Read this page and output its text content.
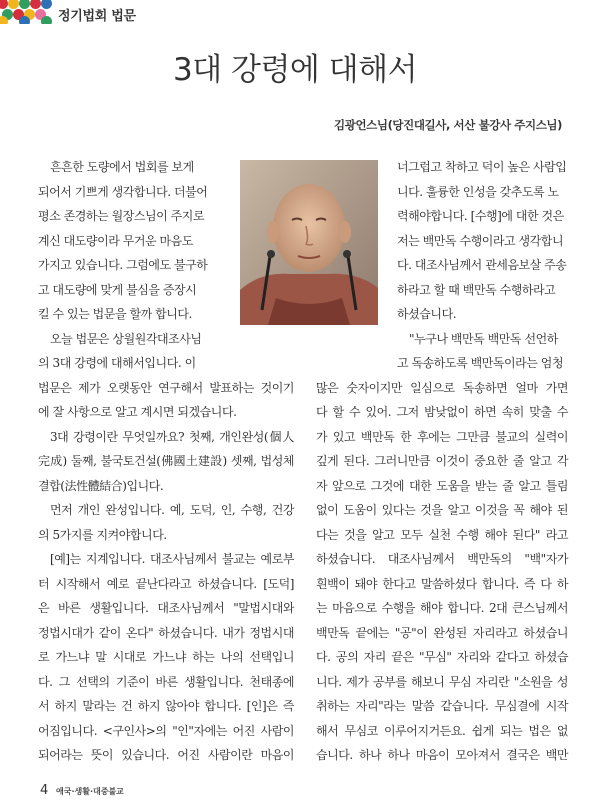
정기법회 법문
3대 강령에 대해서
김광언스님(당진대길사, 서산 불강사 주지스님)
흔흔한 도량에서 법회를 보게
되어서 기쁘게 생각합니다. 더불어
평소 존경하는 월장스님이 주지로
계신 대도량이라 무거운 마음도
가지고 있습니다. 그럼에도 불구하
고 대도량에 맞게 불심을 증장시
킬 수 있는 법문을 할까 합니다.
오늘 법문은 상월원각대조사님
의 3대 강령에 대해서입니다. 이
법문은 제가 오랫동안 연구해서 발표하는 것이기
에 잘 사항으로 알고 계시면 되겠습니다.
3대 강령이란 무엇일까요? 첫째, 개인완성(個人
完成) 둘째, 불국토건설(佛國土建設) 셋째, 법성체
결합(法性體結合)입니다.
먼저 개인 완성입니다. 예, 도덕, 인, 수행, 건강
의 5가지를 지켜야합니다.
[예]는 지계입니다. 대조사님께서 불교는 예로부
터 시작해서 예로 끝난다라고 하셨습니다. [도덕]
은 바른 생활입니다. 대조사님께서 "말법시대와
정법시대가 같이 온다" 하셨습니다. 내가 정법시대
로 가느냐 말 시대로 가느냐 하는 나의 선택입니
다. 그 선택의 기준이 바른 생활입니다. 천태종에
서 하지 말라는 건 하지 않아야 합니다. [인]은 즉
어짐입니다. <구인사>의 "인"자에는 어진 사람이
되어라는 뜻이 있습니다. 어진 사람이란 마음이
너그럽고 착하고 덕이 높은 사람입
니다. 훌륭한 인성을 갖추도록 노
력해야합니다. [수행]에 대한 것은
저는 백만독 수행이라고 생각합니
다. 대조사님께서 관세음보살 주송
하라고 할 때 백만독 수행하라고
하셨습니다.
"누구나 백만독 백만독 선언하
고 독송하도록 백만독이라는 엄청
많은 숫자이지만 일심으로 독송하면 얼마 가면
다 할 수 있어. 그저 밤낮없이 하면 속히 맞출 수
가 있고 백만독 한 후에는 그만큼 불교의 실력이
깊게 된다. 그러니만큼 이것이 중요한 줄 알고 각
자 앞으로 그것에 대한 도움을 받는 줄 알고 틀림
없이 도움이 있다는 것을 알고 이것을 꼭 해야 된
다는 것을 알고 모두 실천 수행 해야 된다" 라고
하셨습니다. 대조사님께서 백만독의 "백"자가
흰백이 돼야 한다고 말씀하셨다 합니다. 즉 다 하
는 마음으로 수행을 해야 합니다. 2대 큰스님께서
백만독 끝에는 "공"이 완성된 자리라고 하셨습니
다. 공의 자리 끝은 "무심" 자리와 같다고 하셨습
니다. 제가 공부를 해보니 무심 자리란 "소원을 성
취하는 자리"라는 말씀 같습니다. 무심결에 시작
해서 무심코 이루어지거든요. 쉽게 되는 법은 없
습니다. 하나 하나 마음이 모아져서 결국은 백만
4 애국·생활·대중불교
